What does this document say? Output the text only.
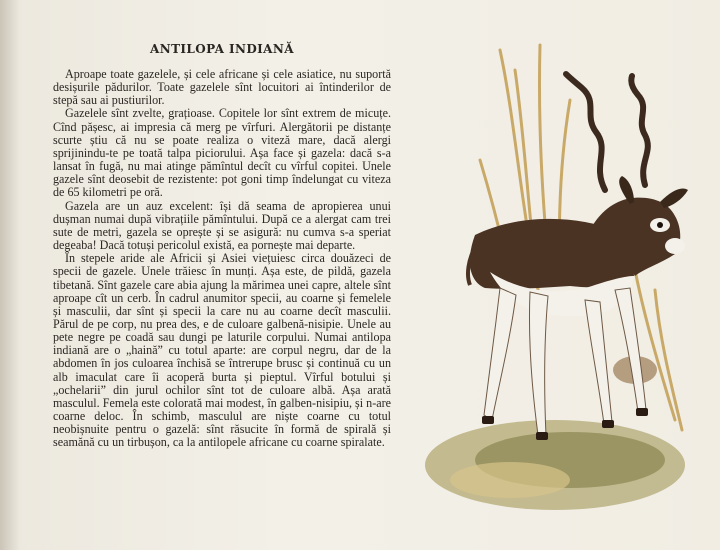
ANTILOPA INDIANĂ

Aproape toate gazelele, și cele africane și cele asiatice, nu suportă desișurile pădurilor. Toate gazelele sînt locuitori ai întinderilor de stepă sau ai pustiurilor.

Gazelele sînt zvelte, grațioase. Copitele lor sînt extrem de micuțe. Cînd pășesc, ai impresia că merg pe vîrfuri. Alergătorii pe distanțe scurte știu că nu se poate realiza o viteză mare, dacă alergi sprijinindu-te pe toată talpa piciorului. Așa face și gazela: dacă s-a lansat în fugă, nu mai atinge pămîntul decît cu vîrful copitei. Unele gazele sînt deosebit de rezistente: pot goni timp îndelungat cu viteza de 65 kilometri pe oră.

Gazela are un auz excelent: își dă seama de apropierea unui dușman numai după vibrațiile pămîntului. După ce a alergat cam trei sute de metri, gazela se oprește și se asigură: nu cumva s-a speriat degeaba! Dacă totuși pericolul există, ea pornește mai departe.

În stepele aride ale Africii și Asiei viețuiesc circa douăzeci de specii de gazele. Unele trăiesc în munți. Așa este, de pildă, gazela tibetană. Sînt gazele care abia ajung la mărimea unei capre, altele sînt aproape cît un cerb. În cadrul anumitor specii, au coarne și femelele și masculii, dar sînt și specii la care nu au coarne decît masculii. Părul de pe corp, nu prea des, e de culoare galbenă-nisipie. Unele au pete negre pe coadă sau dungi pe laturile corpului. Numai antilopa indiană are o „haină” cu totul aparte: are corpul negru, dar de la abdomen în jos culoarea închisă se întrerupe brusc și continuă cu un alb imaculat care îi acoperă burta și pieptul. Vîrful botului și „ochelarii” din jurul ochilor sînt tot de culoare albă. Așa arată masculul. Femela este colorată mai modest, în galben-nisipiu, și n-are coarne deloc. În schimb, masculul are niște coarne cu totul neobișnuite pentru o gazelă: sînt răsucite în formă de spirală și seamănă cu un tirbușon, ca la antilopele africane cu coarne spiralate.
